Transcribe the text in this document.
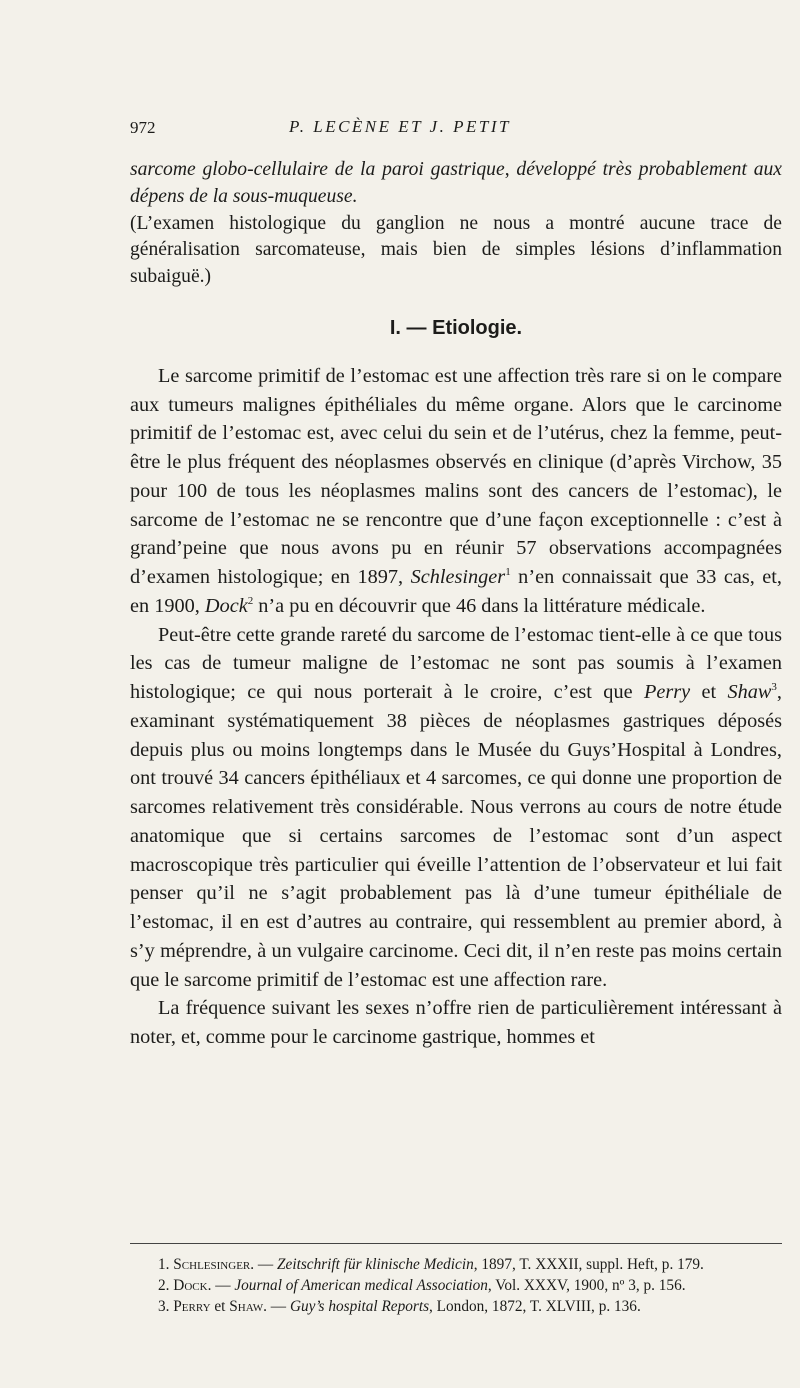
972	P. LECÈNE ET J. PETIT

sarcome globo-cellulaire de la paroi gastrique, développé très probablement aux dépens de la sous-muqueuse.

(L’examen histologique du ganglion ne nous a montré aucune trace de généralisation sarcomateuse, mais bien de simples lésions d’inflammation subaiguë.)

I. — Etiologie.

Le sarcome primitif de l’estomac est une affection très rare si on le compare aux tumeurs malignes épithéliales du même organe. Alors que le carcinome primitif de l’estomac est, avec celui du sein et de l’utérus, chez la femme, peut-être le plus fréquent des néoplasmes observés en clinique (d’après Virchow, 35 pour 100 de tous les néoplasmes malins sont des cancers de l’estomac), le sarcome de l’estomac ne se rencontre que d’une façon exceptionnelle : c’est à grand’peine que nous avons pu en réunir 57 observations accompagnées d’examen histologique; en 1897, Schlesinger$^1$ n’en connaissait que 33 cas, et, en 1900, Dock$^2$ n’a pu en découvrir que 46 dans la littérature médicale.

Peut-être cette grande rareté du sarcome de l’estomac tient-elle à ce que tous les cas de tumeur maligne de l’estomac ne sont pas soumis à l’examen histologique; ce qui nous porterait à le croire, c’est que Perry et Shaw$^3$, examinant systématiquement 38 pièces de néoplasmes gastriques déposés depuis plus ou moins longtemps dans le Musée du Guys’Hospital à Londres, ont trouvé 34 cancers épithéliaux et 4 sarcomes, ce qui donne une proportion de sarcomes relativement très considérable. Nous verrons au cours de notre étude anatomique que si certains sarcomes de l’estomac sont d’un aspect macroscopique très particulier qui éveille l’attention de l’observateur et lui fait penser qu’il ne s’agit probablement pas là d’une tumeur épithéliale de l’estomac, il en est d’autres au contraire, qui ressemblent au premier abord, à s’y méprendre, à un vulgaire carcinome. Ceci dit, il n’en reste pas moins certain que le sarcome primitif de l’estomac est une affection rare.

La fréquence suivant les sexes n’offre rien de particulièrement intéressant à noter, et, comme pour le carcinome gastrique, hommes et

1. Schlesinger. — Zeitschrift für klinische Medicin, 1897, T. XXXII, suppl. Heft, p. 179.

2. Dock. — Journal of American medical Association, Vol. XXXV, 1900, nº 3, p. 156.

3. Perry et Shaw. — Guy’s hospital Reports, London, 1872, T. XLVIII, p. 136.
